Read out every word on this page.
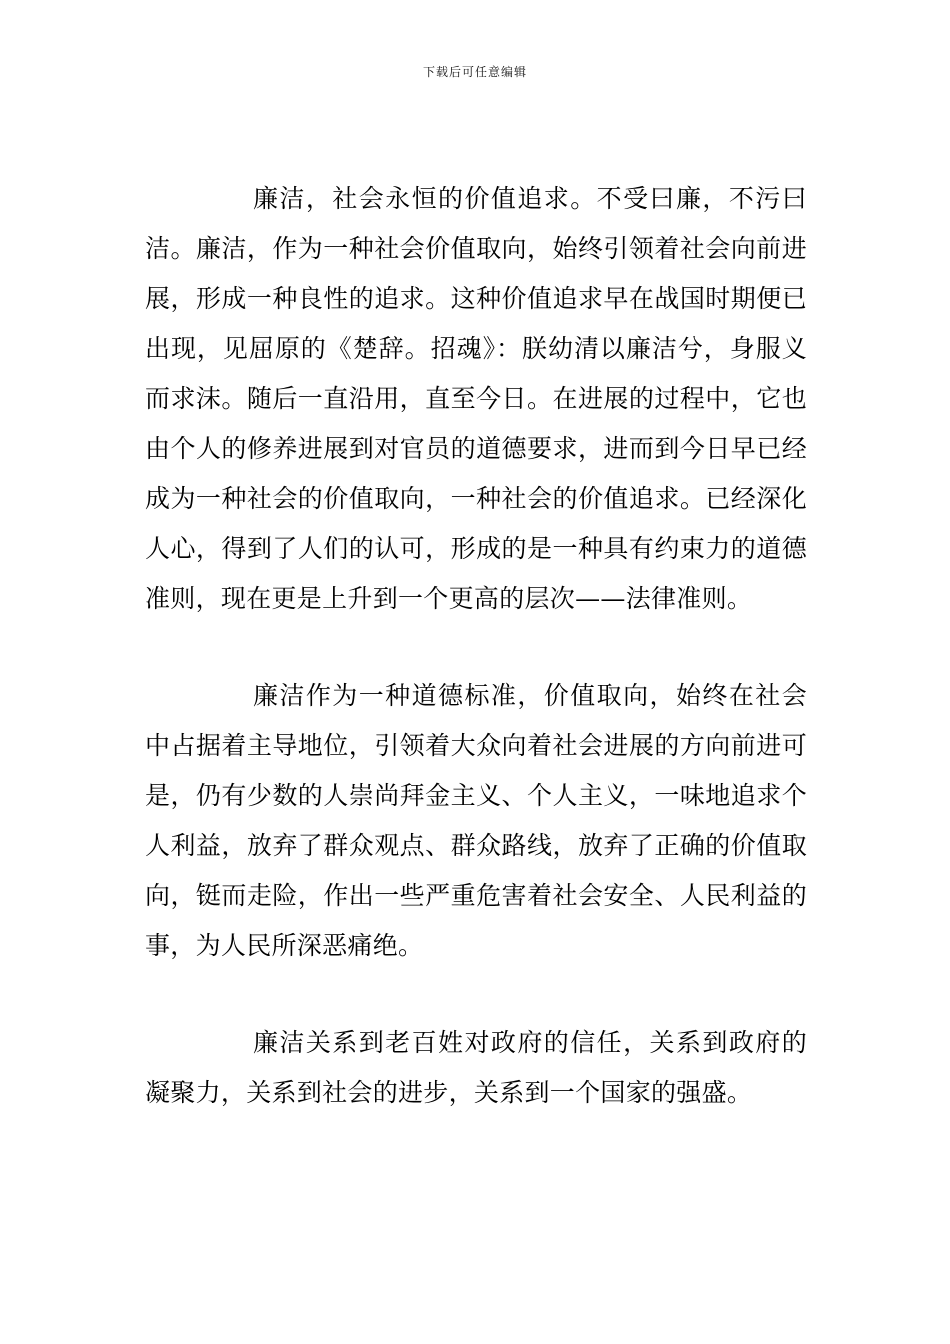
下载后可任意编辑

廉洁，社会永恒的价值追求。不受曰廉，不污曰洁。廉洁，作为一种社会价值取向，始终引领着社会向前进展，形成一种良性的追求。这种价值追求早在战国时期便已出现，见屈原的《楚辞。招魂》：朕幼清以廉洁兮，身服义而求沫。随后一直沿用，直至今日。在进展的过程中，它也由个人的修养进展到对官员的道德要求，进而到今日早已经成为一种社会的价值取向，一种社会的价值追求。已经深化人心，得到了人们的认可，形成的是一种具有约束力的道德准则，现在更是上升到一个更高的层次——法律准则。

廉洁作为一种道德标准，价值取向，始终在社会中占据着主导地位，引领着大众向着社会进展的方向前进可是，仍有少数的人崇尚拜金主义、个人主义，一味地追求个人利益，放弃了群众观点、群众路线，放弃了正确的价值取向，铤而走险，作出一些严重危害着社会安全、人民利益的事，为人民所深恶痛绝。

廉洁关系到老百姓对政府的信任，关系到政府的凝聚力，关系到社会的进步，关系到一个国家的强盛。
